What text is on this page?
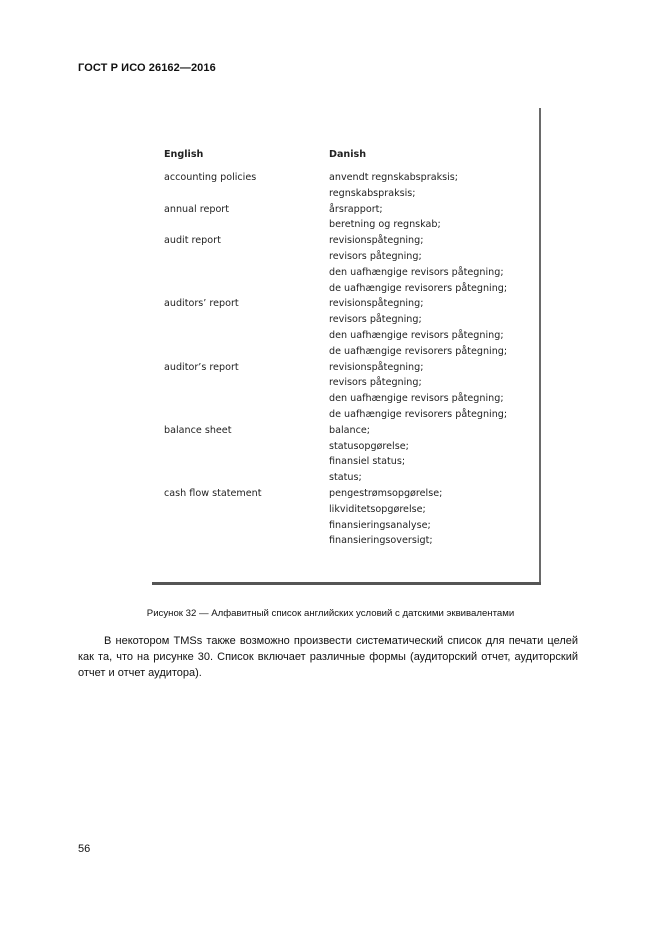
ГОСТ Р ИСО 26162—2016
English	Danish
accounting policies	anvendt regnskabspraksis;
regnskabspraksis;
annual report	årsrapport;
beretning og regnskab;
audit report	revisionspåtegning;
revisors påtegning;
den uafhængige revisors påtegning;
de uafhængige revisorers påtegning;
auditors’ report	revisionspåtegning;
revisors påtegning;
den uafhængige revisors påtegning;
de uafhængige revisorers påtegning;
auditor’s report	revisionspåtegning;
revisors påtegning;
den uafhængige revisors påtegning;
de uafhængige revisorers påtegning;
balance sheet	balance;
statusopgørelse;
finansiel status;
status;
cash flow statement	pengestrømsopgørelse;
likviditetsopgørelse;
finansieringsanalyse;
finansieringsoversigt;
Рисунок 32 — Алфавитный список английских условий с датскими эквивалентами

В некотором TMSs также возможно произвести систематический список для печати целей как та, что на рисунке 30. Список включает различные формы (аудиторский отчет, аудиторский отчет и отчет аудитора).

56
